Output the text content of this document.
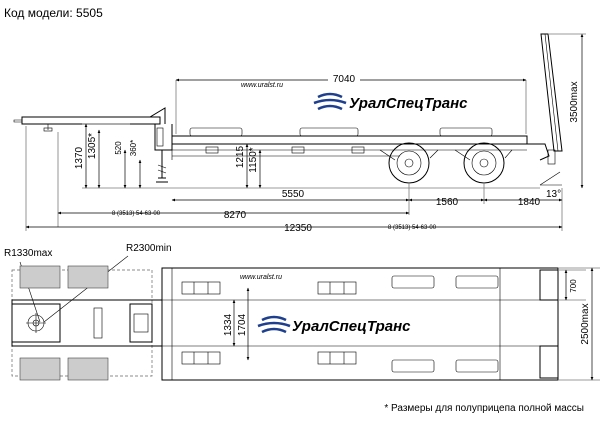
Код модели: 5505
13°
УралСпецТранс
www.uralst.ru
7040
3500max
1370 1305* 520 360*	1215 1150*
5550
1560	1840
8 (3513) 54-63-00	8270
12350	8 (3513) 54-63-00
R1330max	R2300min
УралСпецТранс
www.uralst.ru
1334 1704
700
2500max
* Размеры для полуприцепа полной массы
